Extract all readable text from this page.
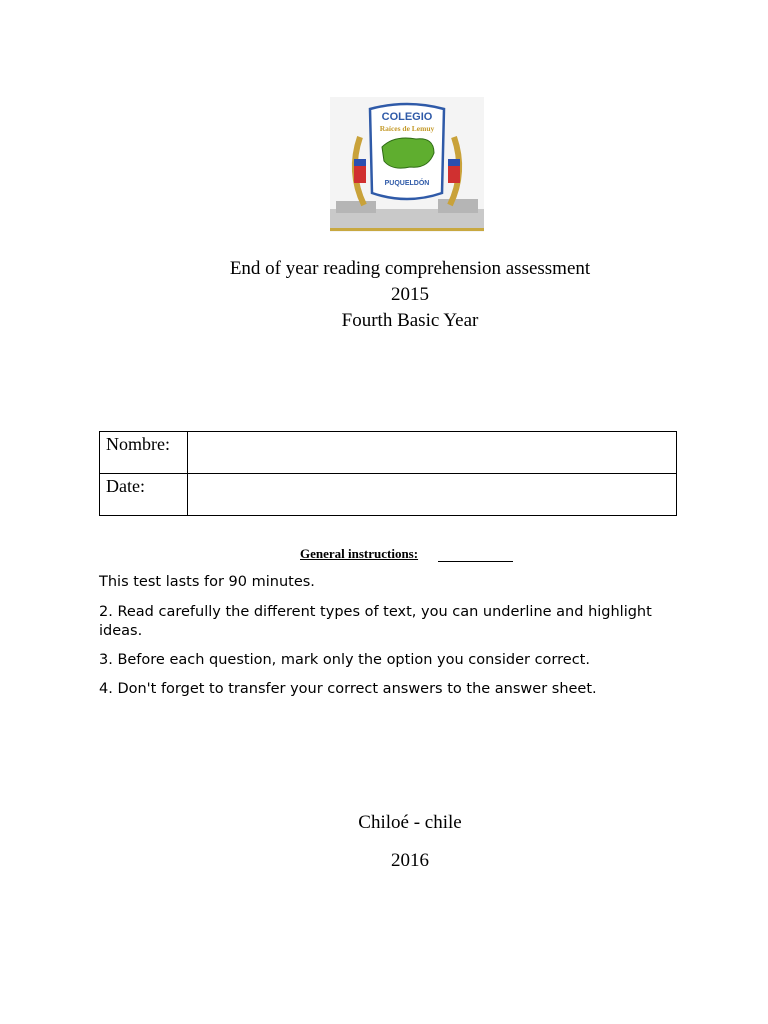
COLEGIO
Raíces de Lemuy
PUQUELDÓN
End of year reading comprehension assessment
2015
Fourth Basic Year
Nombre:	
Date:	
General instructions:
This test lasts for 90 minutes.
2. Read carefully the different types of text, you can underline and highlight ideas.
3. Before each question, mark only the option you consider correct.
4. Don't forget to transfer your correct answers to the answer sheet.
Chiloé - chile
2016
